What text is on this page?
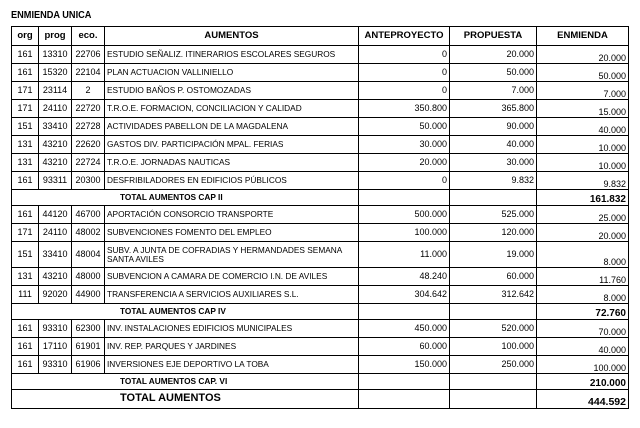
ENMIENDA UNICA
org	prog	eco.	AUMENTOS	ANTEPROYECTO	PROPUESTA	ENMIENDA
161	13310	22706	ESTUDIO SEÑALIZ. ITINERARIOS ESCOLARES SEGUROS	0	20.000	20.000
161	15320	22104	PLAN ACTUACION VALLINIELLO	0	50.000	50.000
171	23114	2	ESTUDIO BAÑOS P. OSTOMOZADAS	0	7.000	7.000
171	24110	22720	T.R.O.E. FORMACION, CONCILIACION Y CALIDAD	350.800	365.800	15.000
151	33410	22728	ACTIVIDADES PABELLON DE LA MAGDALENA	50.000	90.000	40.000
131	43210	22620	GASTOS DIV. PARTICIPACIÓN MPAL. FERIAS	30.000	40.000	10.000
131	43210	22724	T.R.O.E. JORNADAS NAUTICAS	20.000	30.000	10.000
161	93311	20300	DESFRIBILADORES EN EDIFICIOS PÚBLICOS	0	9.832	9.832
TOTAL AUMENTOS CAP II						161.832
161	44120	46700	APORTACIÓN CONSORCIO TRANSPORTE	500.000	525.000	25.000
171	24110	48002	SUBVENCIONES FOMENTO DEL EMPLEO	100.000	120.000	20.000
151	33410	48004	SUBV. A JUNTA DE COFRADIAS Y HERMANDADES SEMANA SANTA AVILES	11.000	19.000	8.000
131	43210	48000	SUBVENCION A CAMARA DE COMERCIO I.N. DE AVILES	48.240	60.000	11.760
111	92020	44900	TRANSFERENCIA A SERVICIOS AUXILIARES S.L.	304.642	312.642	8.000
TOTAL AUMENTOS CAP IV						72.760
161	93310	62300	INV. INSTALACIONES EDIFICIOS MUNICIPALES	450.000	520.000	70.000
161	17110	61901	INV. REP. PARQUES Y JARDINES	60.000	100.000	40.000
161	93310	61906	INVERSIONES EJE DEPORTIVO LA TOBA	150.000	250.000	100.000
TOTAL AUMENTOS CAP. VI						210.000
TOTAL AUMENTOS						444.592
